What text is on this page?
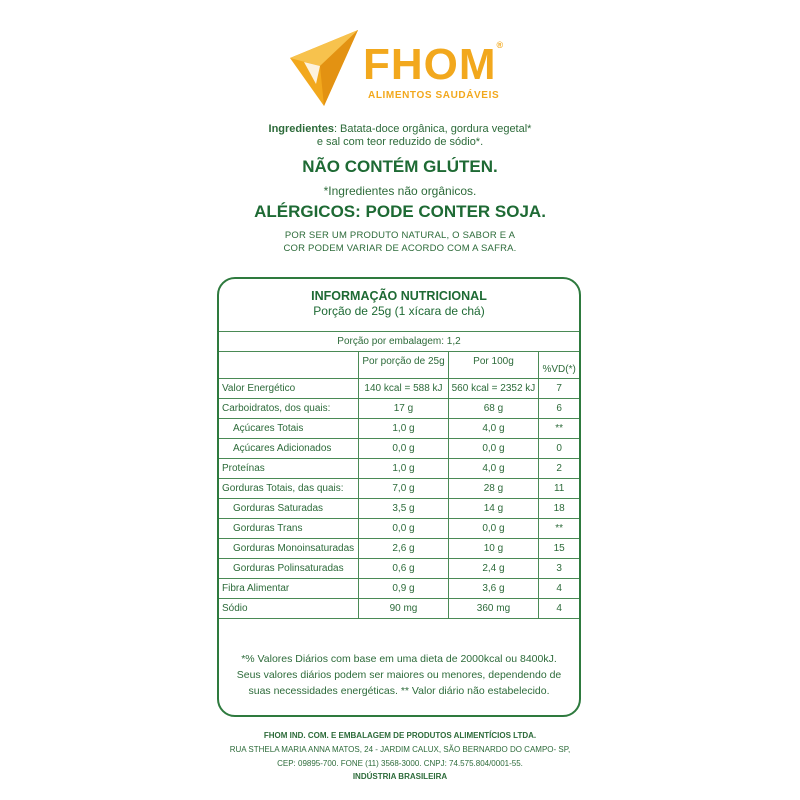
FHOM®
ALIMENTOS SAUDÁVEIS
Ingredientes: Batata-doce orgânica, gordura vegetal*
e sal com teor reduzido de sódio*.
NÃO CONTÉM GLÚTEN.
*Ingredientes não orgânicos.
ALÉRGICOS: PODE CONTER SOJA.
POR SER UM PRODUTO NATURAL, O SABOR E A
COR PODEM VARIAR DE ACORDO COM A SAFRA.
INFORMAÇÃO NUTRICIONAL
Porção de 25g (1 xícara de chá)
Porção por embalagem: 1,2			
	Por porção de 25g	Por 100g	%VD(*)
Valor Energético	140 kcal = 588 kJ	560 kcal = 2352 kJ	7
Carboidratos, dos quais:	17 g	68 g	6
Açúcares Totais	1,0 g	4,0 g	**
Açúcares Adicionados	0,0 g	0,0 g	0
Proteínas	1,0 g	4,0 g	2
Gorduras Totais, das quais:	7,0 g	28 g	11
Gorduras Saturadas	3,5 g	14 g	18
Gorduras Trans	0,0 g	0,0 g	**
Gorduras Monoinsaturadas	2,6 g	10 g	15
Gorduras Polinsaturadas	0,6 g	2,4 g	3
Fibra Alimentar	0,9 g	3,6 g	4
Sódio	90 mg	360 mg	4
*% Valores Diários com base em uma dieta de 2000kcal ou 8400kJ.
Seus valores diários podem ser maiores ou menores, dependendo de
suas necessidades energéticas. ** Valor diário não estabelecido.
FHOM IND. COM. E EMBALAGEM DE PRODUTOS ALIMENTÍCIOS LTDA.
RUA STHELA MARIA ANNA MATOS, 24 - JARDIM CALUX, SÃO BERNARDO DO CAMPO- SP,
CEP: 09895-700. FONE (11) 3568-3000. CNPJ: 74.575.804/0001-55.
INDÚSTRIA BRASILEIRA
